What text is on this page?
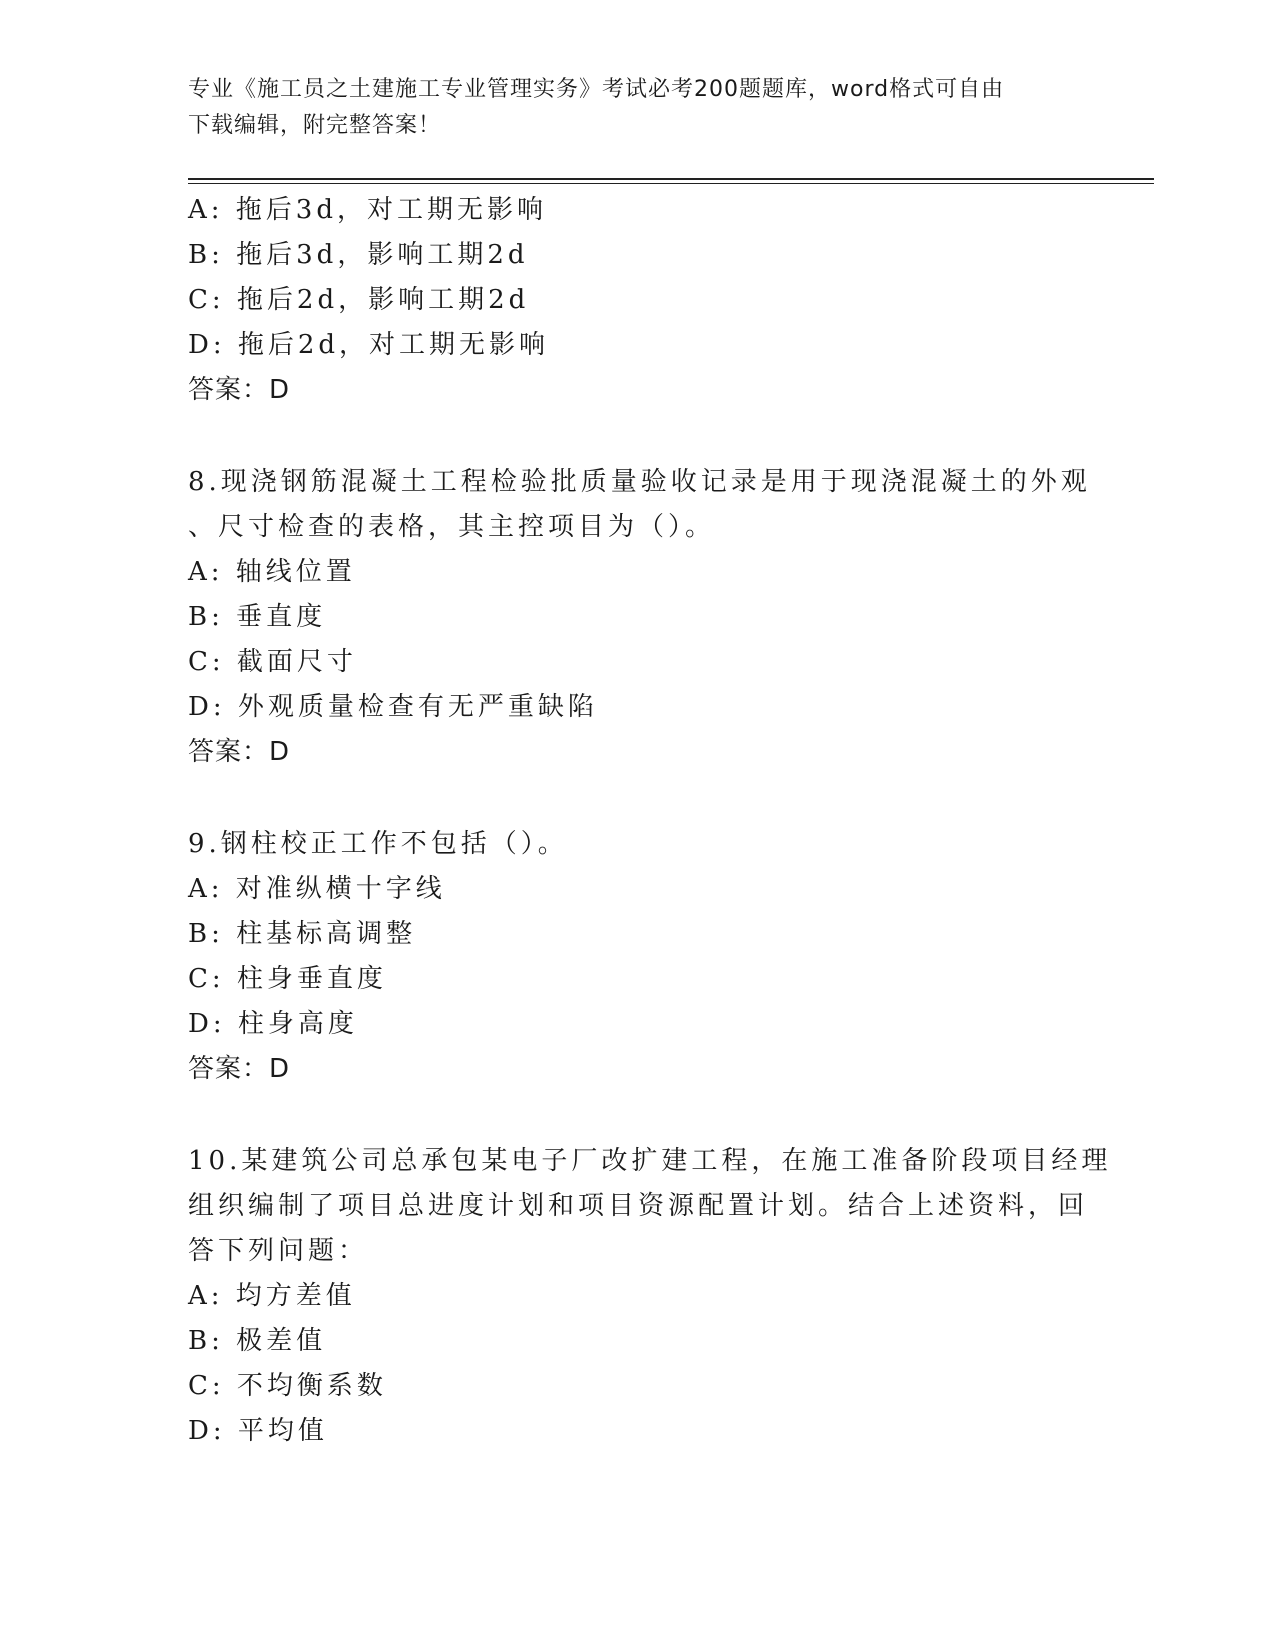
专业《施工员之土建施工专业管理实务》考试必考200题题库，word格式可自由
下载编辑，附完整答案！
A: 拖后3d，对工期无影响
B: 拖后3d，影响工期2d
C: 拖后2d，影响工期2d
D: 拖后2d，对工期无影响
答案：D
8.现浇钢筋混凝土工程检验批质量验收记录是用于现浇混凝土的外观
、尺寸检查的表格，其主控项目为（）。
A: 轴线位置
B: 垂直度
C: 截面尺寸
D: 外观质量检查有无严重缺陷
答案：D
9.钢柱校正工作不包括（）。
A: 对准纵横十字线
B: 柱基标高调整
C: 柱身垂直度
D: 柱身高度
答案：D
10.某建筑公司总承包某电子厂改扩建工程，在施工准备阶段项目经理
组织编制了项目总进度计划和项目资源配置计划。结合上述资料，回
答下列问题：
A: 均方差值
B: 极差值
C: 不均衡系数
D: 平均值
